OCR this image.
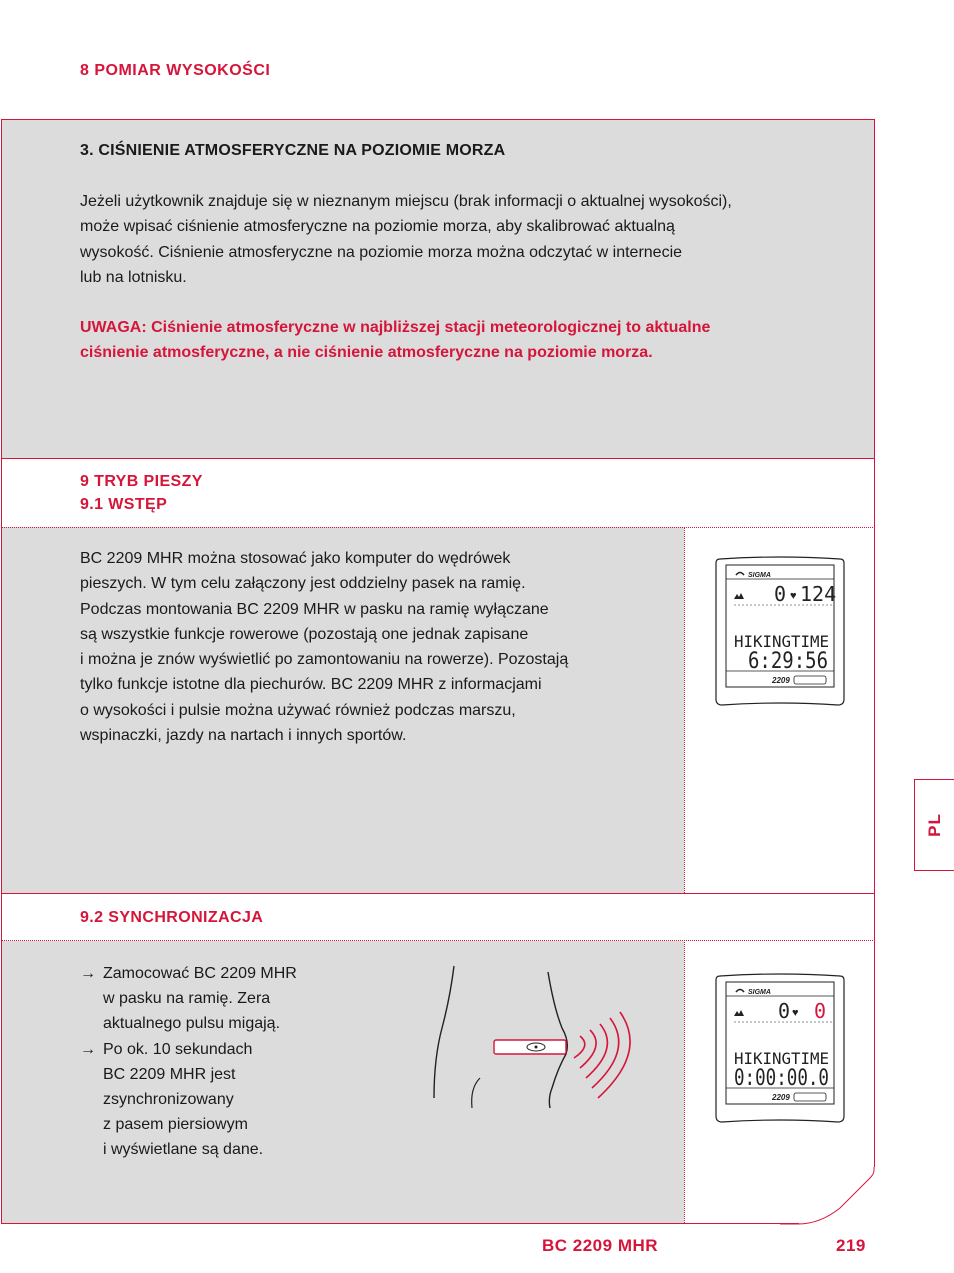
8 POMIAR WYSOKOŚCI
3. CIŚNIENIE ATMOSFERYCZNE NA POZIOMIE MORZA
Jeżeli użytkownik znajduje się w nieznanym miejscu (brak informacji o aktualnej wysokości),
może wpisać ciśnienie atmosferyczne na poziomie morza, aby skalibrować aktualną
wysokość. Ciśnienie atmosferyczne na poziomie morza można odczytać w internecie
lub na lotnisku.
UWAGA: Ciśnienie atmosferyczne w najbliższej stacji meteorologicznej to aktualne
ciśnienie atmosferyczne, a nie ciśnienie atmosferyczne na poziomie morza.
9 TRYB PIESZY
9.1 WSTĘP
BC 2209 MHR można stosować jako komputer do wędrówek
pieszych. W tym celu załączony jest oddzielny pasek na ramię.
Podczas montowania BC 2209 MHR w pasku na ramię wyłączane
są wszystkie funkcje rowerowe (pozostają one jednak zapisane
i można je znów wyświetlić po zamontowaniu na rowerze). Pozostają
tylko funkcje istotne dla piechurów. BC 2209 MHR z informacjami
o wysokości i pulsie można używać również podczas marszu,
wspinaczki, jazdy na nartach i innych sportów.
SIGMA
0 ♥ 124
HIKINGTIME
6:29:56
2209
9.2 SYNCHRONIZACJA
→ Zamocować BC 2209 MHR
w pasku na ramię. Zera
aktualnego pulsu migają.
→ Po ok. 10 sekundach
BC 2209 MHR jest
zsynchronizowany
z pasem piersiowym
i wyświetlane są dane.
SIGMA
0 ♥ 0
HIKINGTIME
0:00:00.0
2209
PL
BC 2209 MHR	219
